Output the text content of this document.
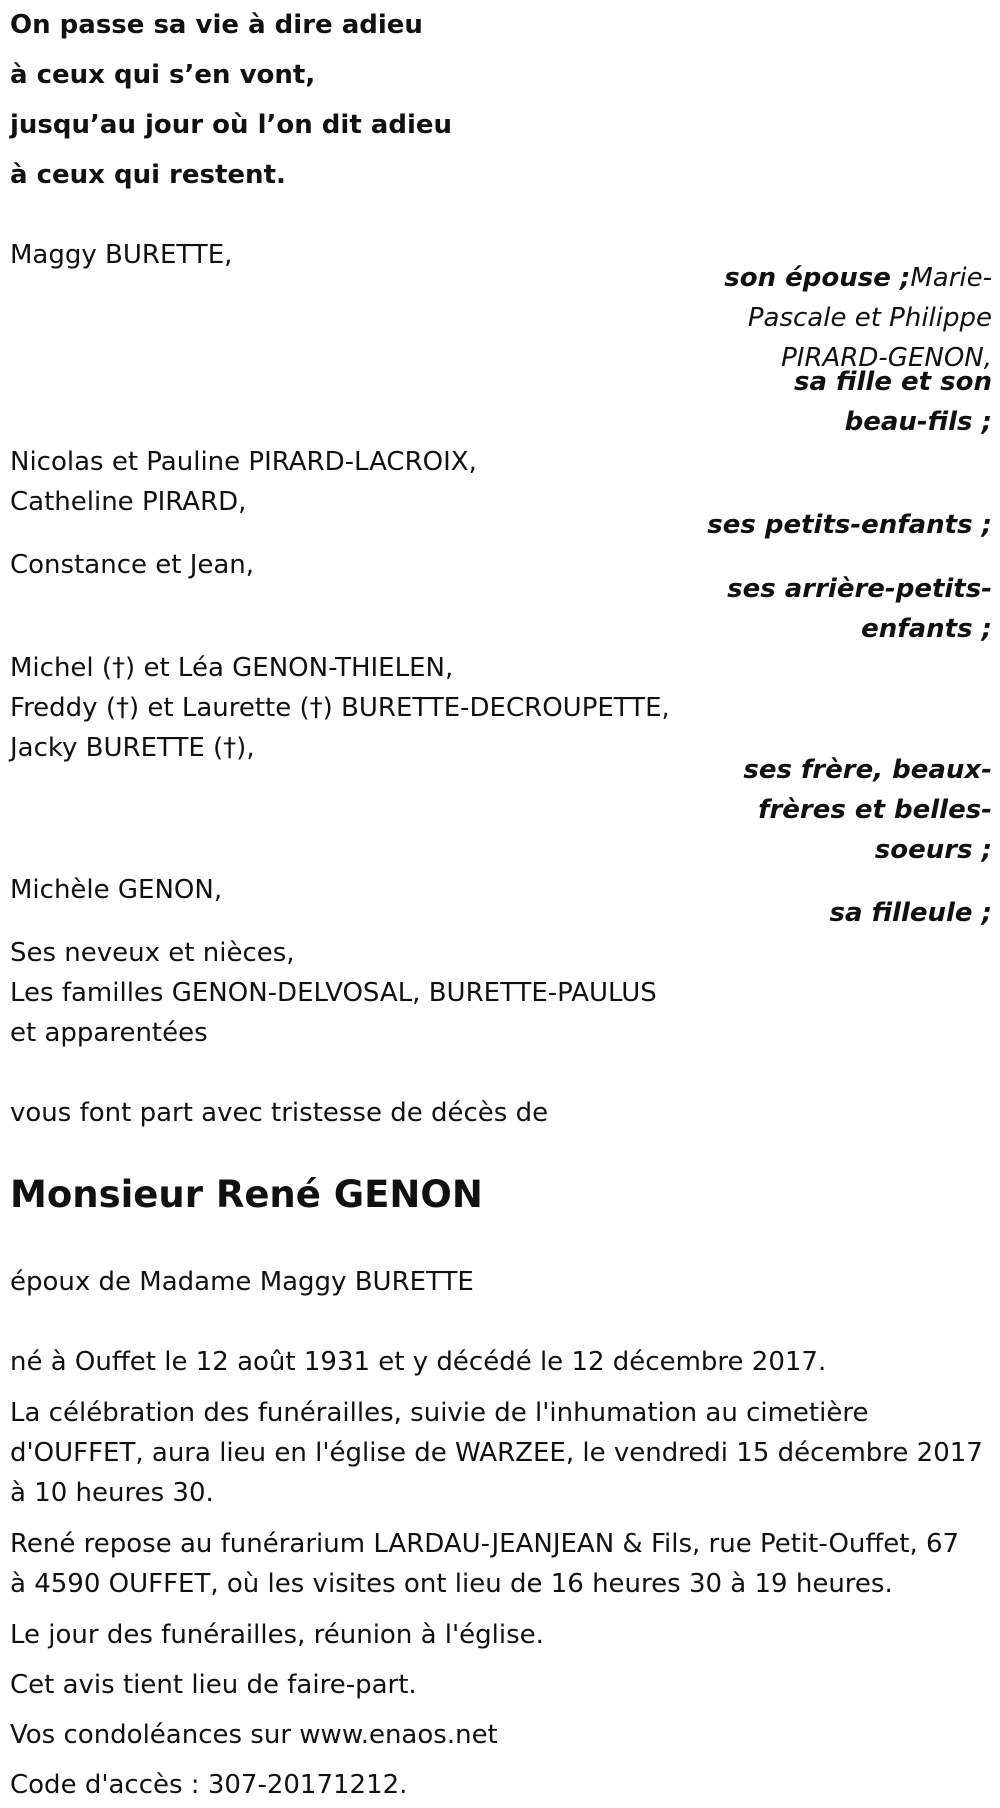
On passe sa vie à dire adieu

à ceux qui s’en vont,

jusqu’au jour où l’on dit adieu

à ceux qui restent.

Maggy BURETTE,

son épouse ;Marie-

Pascale et Philippe

PIRARD-GENON,

sa fille et son

beau-fils ;

Nicolas et Pauline PIRARD-LACROIX,

Catheline PIRARD,

ses petits-enfants ;

Constance et Jean,

ses arrière-petits-

enfants ;

Michel (†) et Léa GENON-THIELEN,

Freddy (†) et Laurette (†) BURETTE-DECROUPETTE,

Jacky BURETTE (†),

ses frère, beaux-

frères et belles-

soeurs ;

Michèle GENON,

sa filleule ;

Ses neveux et nièces,

Les familles GENON-DELVOSAL, BURETTE-PAULUS

et apparentées

vous font part avec tristesse de décès de

Monsieur René GENON

époux de Madame Maggy BURETTE

né à Ouffet le 12 août 1931 et y décédé le 12 décembre 2017.

La célébration des funérailles, suivie de l'inhumation au cimetière

d'OUFFET, aura lieu en l'église de WARZEE, le vendredi 15 décembre 2017

à 10 heures 30.

René repose au funérarium LARDAU-JEANJEAN & Fils, rue Petit-Ouffet, 67

à 4590 OUFFET, où les visites ont lieu de 16 heures 30 à 19 heures.

Le jour des funérailles, réunion à l'église.

Cet avis tient lieu de faire-part.

Vos condoléances sur www.enaos.net

Code d'accès : 307-20171212.
